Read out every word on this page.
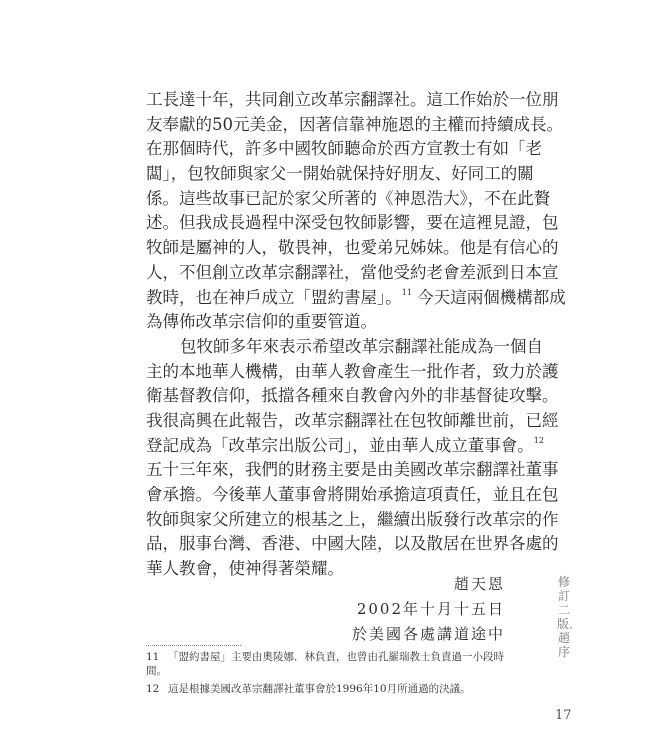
工長達十年，共同創立改革宗翻譯社。這工作始於一位朋
友奉獻的50元美金，因著信靠神施恩的主權而持續成長。
在那個時代，許多中國牧師聽命於西方宣教士有如「老
闆」，包牧師與家父一開始就保持好朋友、好同工的關
係。這些故事已記於家父所著的《神恩浩大》，不在此贅
述。但我成長過程中深受包牧師影響，要在這裡見證，包
牧師是屬神的人，敬畏神，也愛弟兄姊妹。他是有信心的
人，不但創立改革宗翻譯社，當他受約老會差派到日本宣
教時，也在神戶成立「盟約書屋」。$^{11}$ 今天這兩個機構都成
為傳佈改革宗信仰的重要管道。
包牧師多年來表示希望改革宗翻譯社能成為一個自
主的本地華人機構，由華人教會產生一批作者，致力於護
衛基督教信仰，抵擋各種來自教會內外的非基督徒攻擊。
我很高興在此報告，改革宗翻譯社在包牧師離世前，已經
登記成為「改革宗出版公司」，並由華人成立董事會。$^{12}$
五十三年來，我們的財務主要是由美國改革宗翻譯社董事
會承擔。今後華人董事會將開始承擔這項責任，並且在包
牧師與家父所建立的根基之上，繼續出版發行改革宗的作
品，服事台灣、香港、中國大陸，以及散居在世界各處的
華人教會，使神得著榮耀。
趙天恩
2002年十月十五日
於美國各處講道途中
11 「盟約書屋」主要由奧陵娜．林負責，也曾由孔羅瑞教士負責過一小段時間。
12 這是根據美國改革宗翻譯社董事會於1996年10月所通過的決議。
修訂二版．趙序
17
